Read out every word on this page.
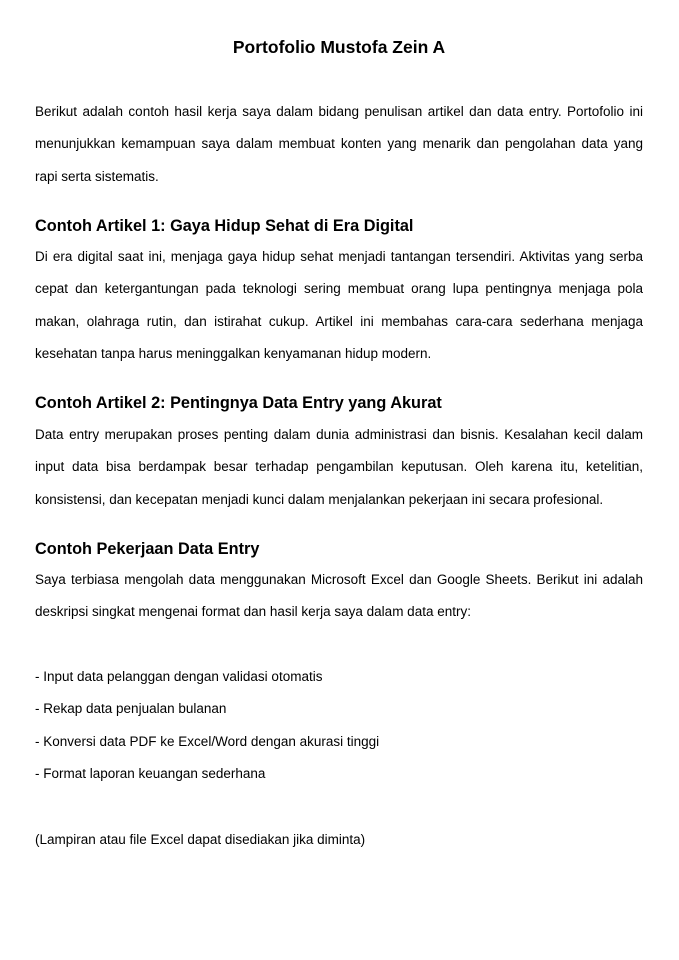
Portofolio Mustofa Zein A

Berikut adalah contoh hasil kerja saya dalam bidang penulisan artikel dan data entry. Portofolio ini menunjukkan kemampuan saya dalam membuat konten yang menarik dan pengolahan data yang rapi serta sistematis.

Contoh Artikel 1: Gaya Hidup Sehat di Era Digital

Di era digital saat ini, menjaga gaya hidup sehat menjadi tantangan tersendiri. Aktivitas yang serba cepat dan ketergantungan pada teknologi sering membuat orang lupa pentingnya menjaga pola makan, olahraga rutin, dan istirahat cukup. Artikel ini membahas cara-cara sederhana menjaga kesehatan tanpa harus meninggalkan kenyamanan hidup modern.

Contoh Artikel 2: Pentingnya Data Entry yang Akurat

Data entry merupakan proses penting dalam dunia administrasi dan bisnis. Kesalahan kecil dalam input data bisa berdampak besar terhadap pengambilan keputusan. Oleh karena itu, ketelitian, konsistensi, dan kecepatan menjadi kunci dalam menjalankan pekerjaan ini secara profesional.

Contoh Pekerjaan Data Entry

Saya terbiasa mengolah data menggunakan Microsoft Excel dan Google Sheets. Berikut ini adalah deskripsi singkat mengenai format dan hasil kerja saya dalam data entry:

- Input data pelanggan dengan validasi otomatis
- Rekap data penjualan bulanan
- Konversi data PDF ke Excel/Word dengan akurasi tinggi
- Format laporan keuangan sederhana

(Lampiran atau file Excel dapat disediakan jika diminta)
